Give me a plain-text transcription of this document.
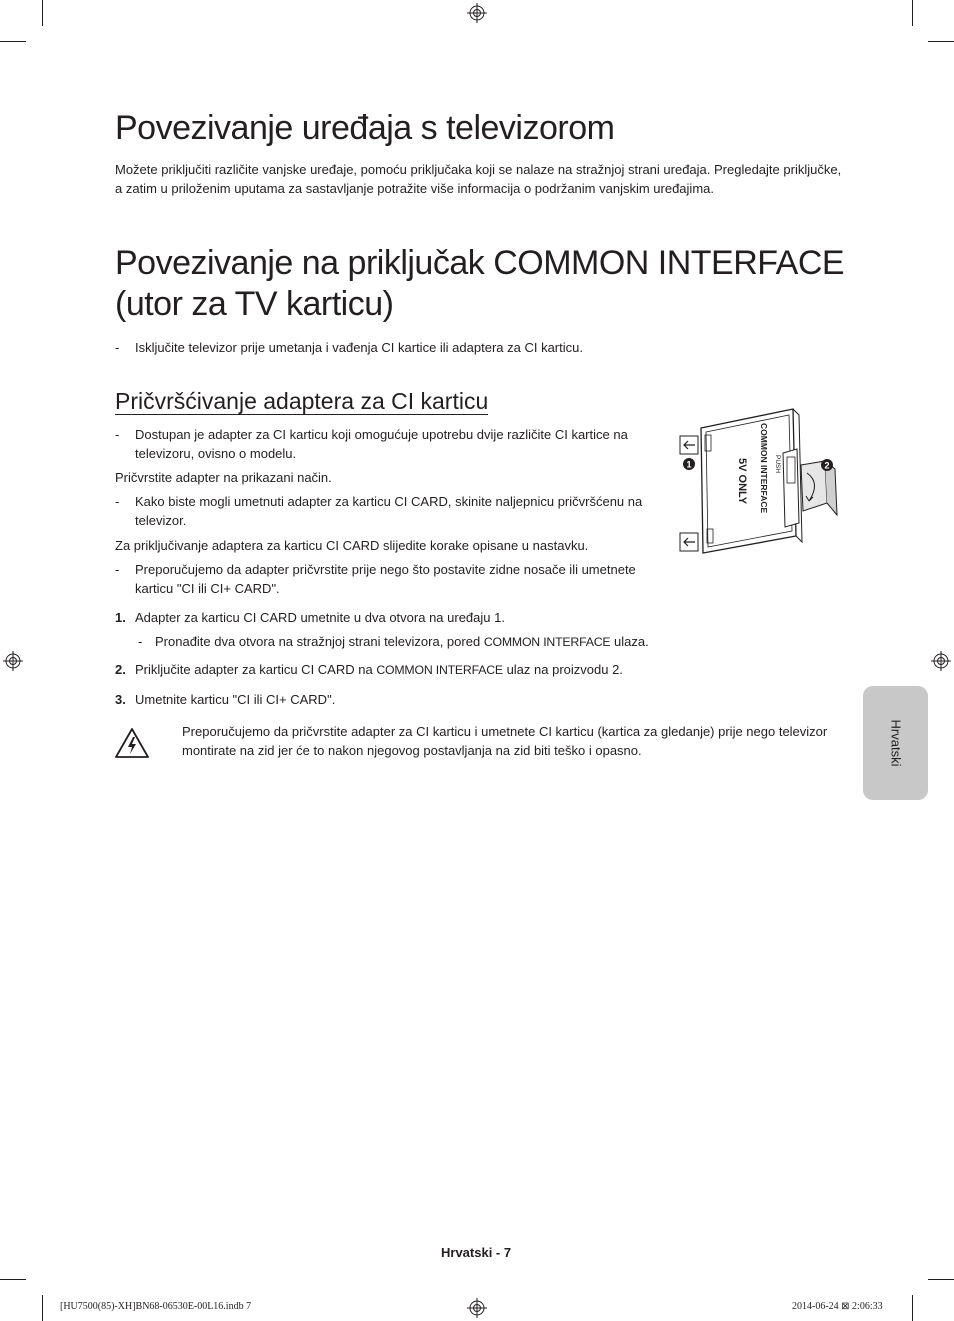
Povezivanje uređaja s televizorom

Možete priključiti različite vanjske uređaje, pomoću priključaka koji se nalaze na stražnjoj strani uređaja. Pregledajte priključke, a zatim u priloženim uputama za sastavljanje potražite više informacija o podržanim vanjskim uređajima.

Povezivanje na priključak COMMON INTERFACE
(utor za TV karticu)
- Isključite televizor prije umetanja i vađenja CI kartice ili adaptera za CI karticu.
Pričvršćivanje adaptera za CI karticu
- Dostupan je adapter za CI karticu koji omogućuje upotrebu dvije različite CI kartice na televizoru, ovisno o modelu.
Pričvrstite adapter na prikazani način.
- Kako biste mogli umetnuti adapter za karticu CI CARD, skinite naljepnicu pričvršćenu na televizor.
Za priključivanje adaptera za karticu CI CARD slijedite korake opisane u nastavku.
- Preporučujemo da adapter pričvrstite prije nego što postavite zidne nosače ili umetnete karticu "CI ili CI+ CARD".
1. Adapter za karticu CI CARD umetnite u dva otvora na uređaju 1.
- Pronađite dva otvora na stražnjoj strani televizora, pored COMMON INTERFACE ulaza.
2. Priključite adapter za karticu CI CARD na COMMON INTERFACE ulaz na proizvodu 2.
3. Umetnite karticu "CI ili CI+ CARD".

Preporučujemo da pričvrstite adapter za CI karticu i umetnete CI karticu (kartica za gledanje) prije nego televizor montirate na zid jer će to nakon njegovog postavljanja na zid biti teško i opasno.

1	2
COMMON INTERFACE PUSH
5V ONLY
Hrvatski
Hrvatski - 7
[HU7500(85)-XH]BN68-06530E-00L16.indb 7	2014-06-24 ⊠ 2:06:33
